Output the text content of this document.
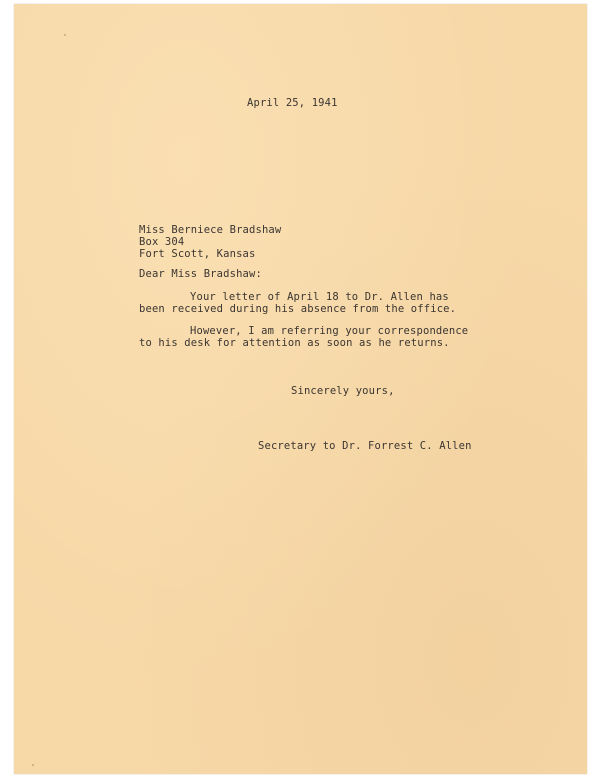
April 25, 1941
Miss Berniece Bradshaw
Box 304
Fort Scott, Kansas
Dear Miss Bradshaw:
Your letter of April 18 to Dr. Allen has
been received during his absence from the office.
However, I am referring your correspondence
to his desk for attention as soon as he returns.
Sincerely yours,
Secretary to Dr. Forrest C. Allen
